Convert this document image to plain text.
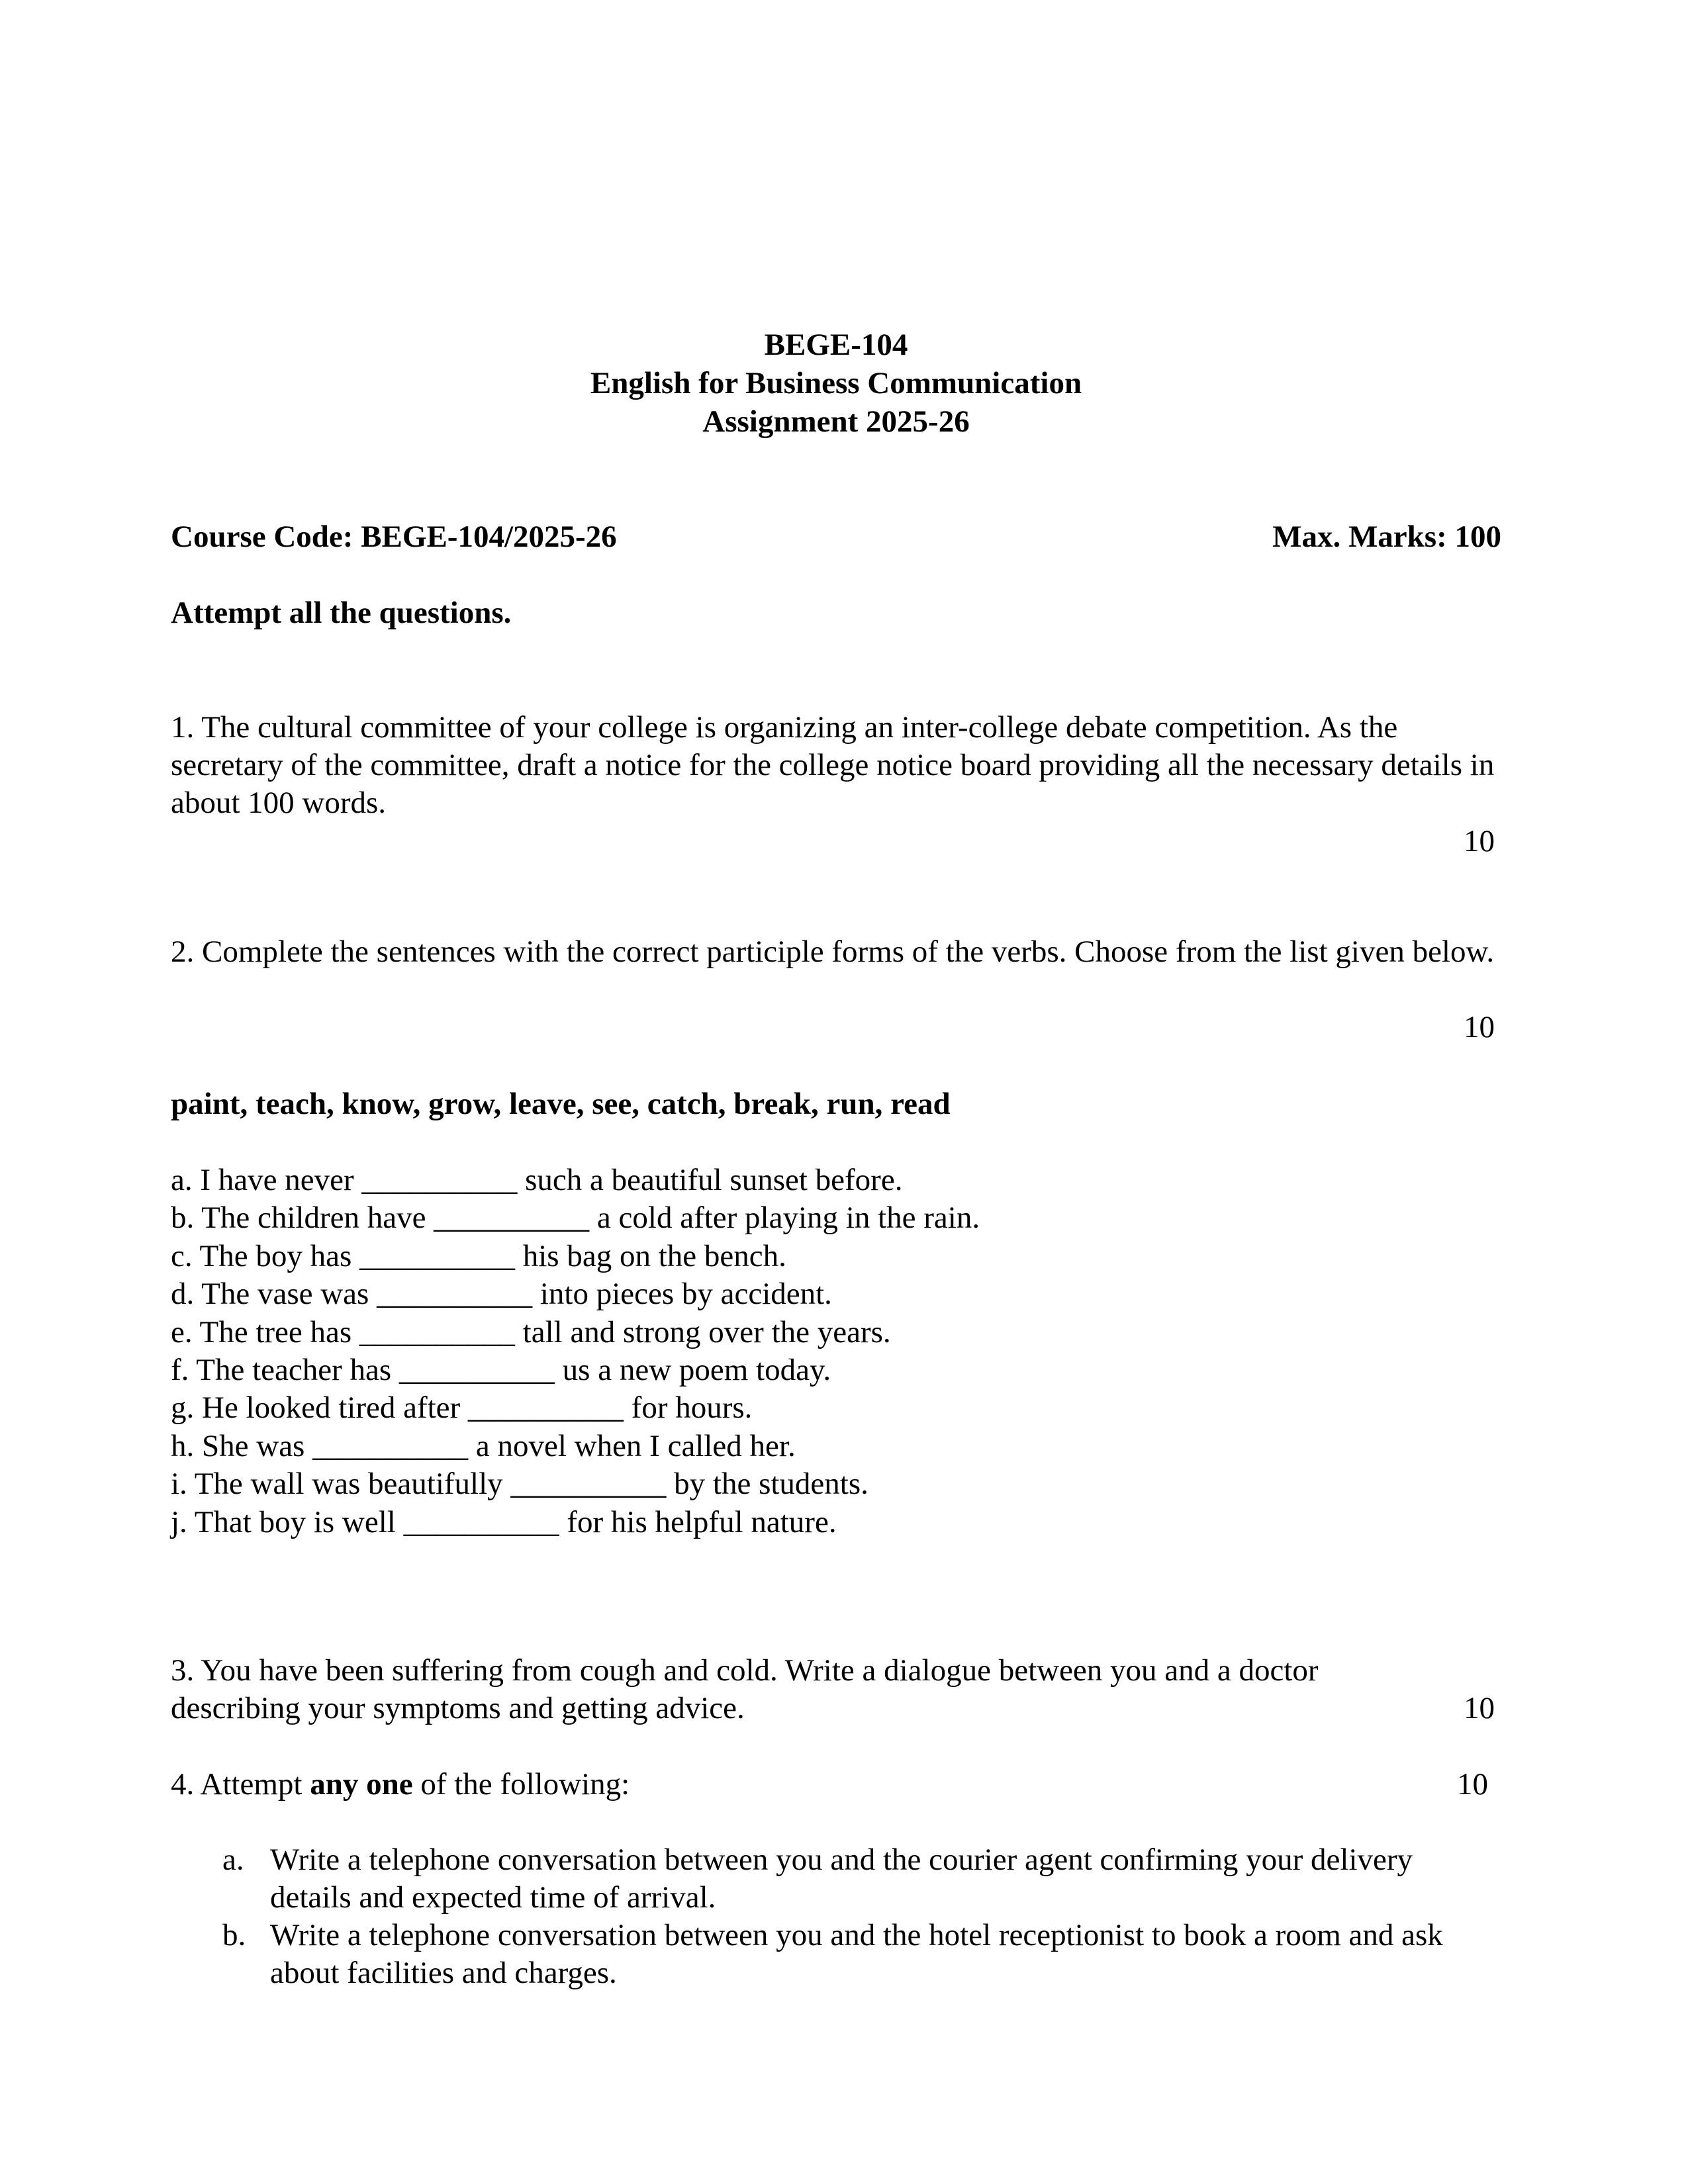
BEGE-104
English for Business Communication
Assignment 2025-26
Course Code: BEGE-104/2025-26	Max. Marks: 100
Attempt all the questions.
1. The cultural committee of your college is organizing an inter-college debate competition. As the secretary of the committee, draft a notice for the college notice board providing all the necessary details in about 100 words.
10
2. Complete the sentences with the correct participle forms of the verbs. Choose from the list given below.
10
paint, teach, know, grow, leave, see, catch, break, run, read
a. I have never __________ such a beautiful sunset before.
b. The children have __________ a cold after playing in the rain.
c. The boy has __________ his bag on the bench.
d. The vase was __________ into pieces by accident.
e. The tree has __________ tall and strong over the years.
f. The teacher has __________ us a new poem today.
g. He looked tired after __________ for hours.
h. She was __________ a novel when I called her.
i. The wall was beautifully __________ by the students.
j. That boy is well __________ for his helpful nature.
3. You have been suffering from cough and cold. Write a dialogue between you and a doctor describing your symptoms and getting advice.	10
4. Attempt any one of the following:	10
a. Write a telephone conversation between you and the courier agent confirming your delivery details and expected time of arrival.
b. Write a telephone conversation between you and the hotel receptionist to book a room and ask about facilities and charges.
